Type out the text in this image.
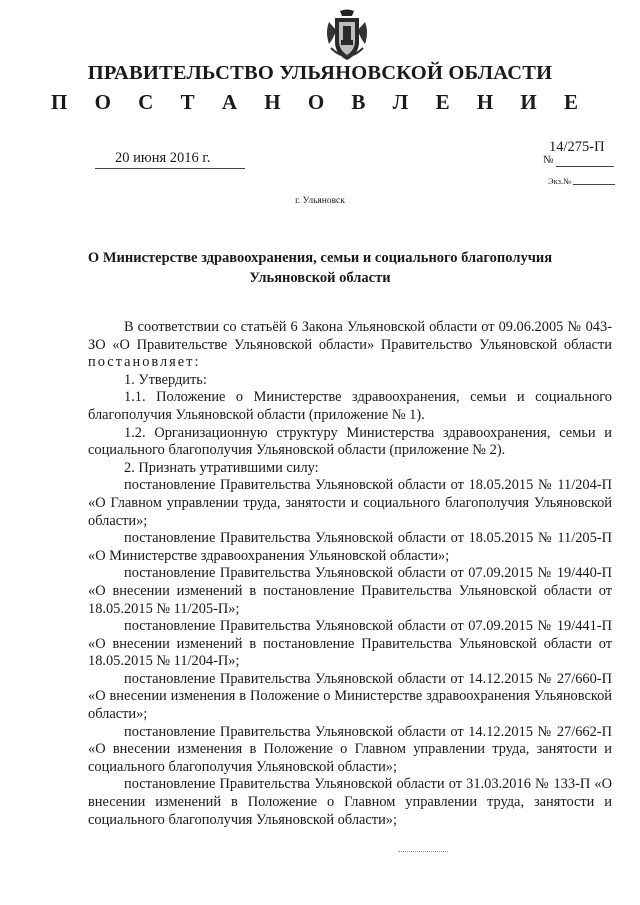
ПРАВИТЕЛЬСТВО УЛЬЯНОВСКОЙ ОБЛАСТИ
П О С Т А Н О В Л Е Н И Е
20 июня 2016 г.
14/275-П
№
Экз.№
г. Ульяновск
О Министерстве здравоохранения, семьи и социального благополучия
Ульяновской области

В соответствии со статьёй 6 Закона Ульяновской области от 09.06.2005 № 043-ЗО «О Правительстве Ульяновской области» Правительство Ульяновской области постановляет:

1. Утвердить:

1.1. Положение о Министерстве здравоохранения, семьи и социального благополучия Ульяновской области (приложение № 1).

1.2. Организационную структуру Министерства здравоохранения, семьи и социального благополучия Ульяновской области (приложение № 2).

2. Признать утратившими силу:

постановление Правительства Ульяновской области от 18.05.2015 № 11/204-П «О Главном управлении труда, занятости и социального благополучия Ульяновской области»;

постановление Правительства Ульяновской области от 18.05.2015 № 11/205-П «О Министерстве здравоохранения Ульяновской области»;

постановление Правительства Ульяновской области от 07.09.2015 № 19/440-П «О внесении изменений в постановление Правительства Ульяновской области от 18.05.2015 № 11/205-П»;

постановление Правительства Ульяновской области от 07.09.2015 № 19/441-П «О внесении изменений в постановление Правительства Ульяновской области от 18.05.2015 № 11/204-П»;

постановление Правительства Ульяновской области от 14.12.2015 № 27/660-П «О внесении изменения в Положение о Министерстве здравоохранения Ульяновской области»;

постановление Правительства Ульяновской области от 14.12.2015 № 27/662-П «О внесении изменения в Положение о Главном управлении труда, занятости и социального благополучия Ульяновской области»;

постановление Правительства Ульяновской области от 31.03.2016 № 133-П «О внесении изменений в Положение о Главном управлении труда, занятости и социального благополучия Ульяновской области»;
